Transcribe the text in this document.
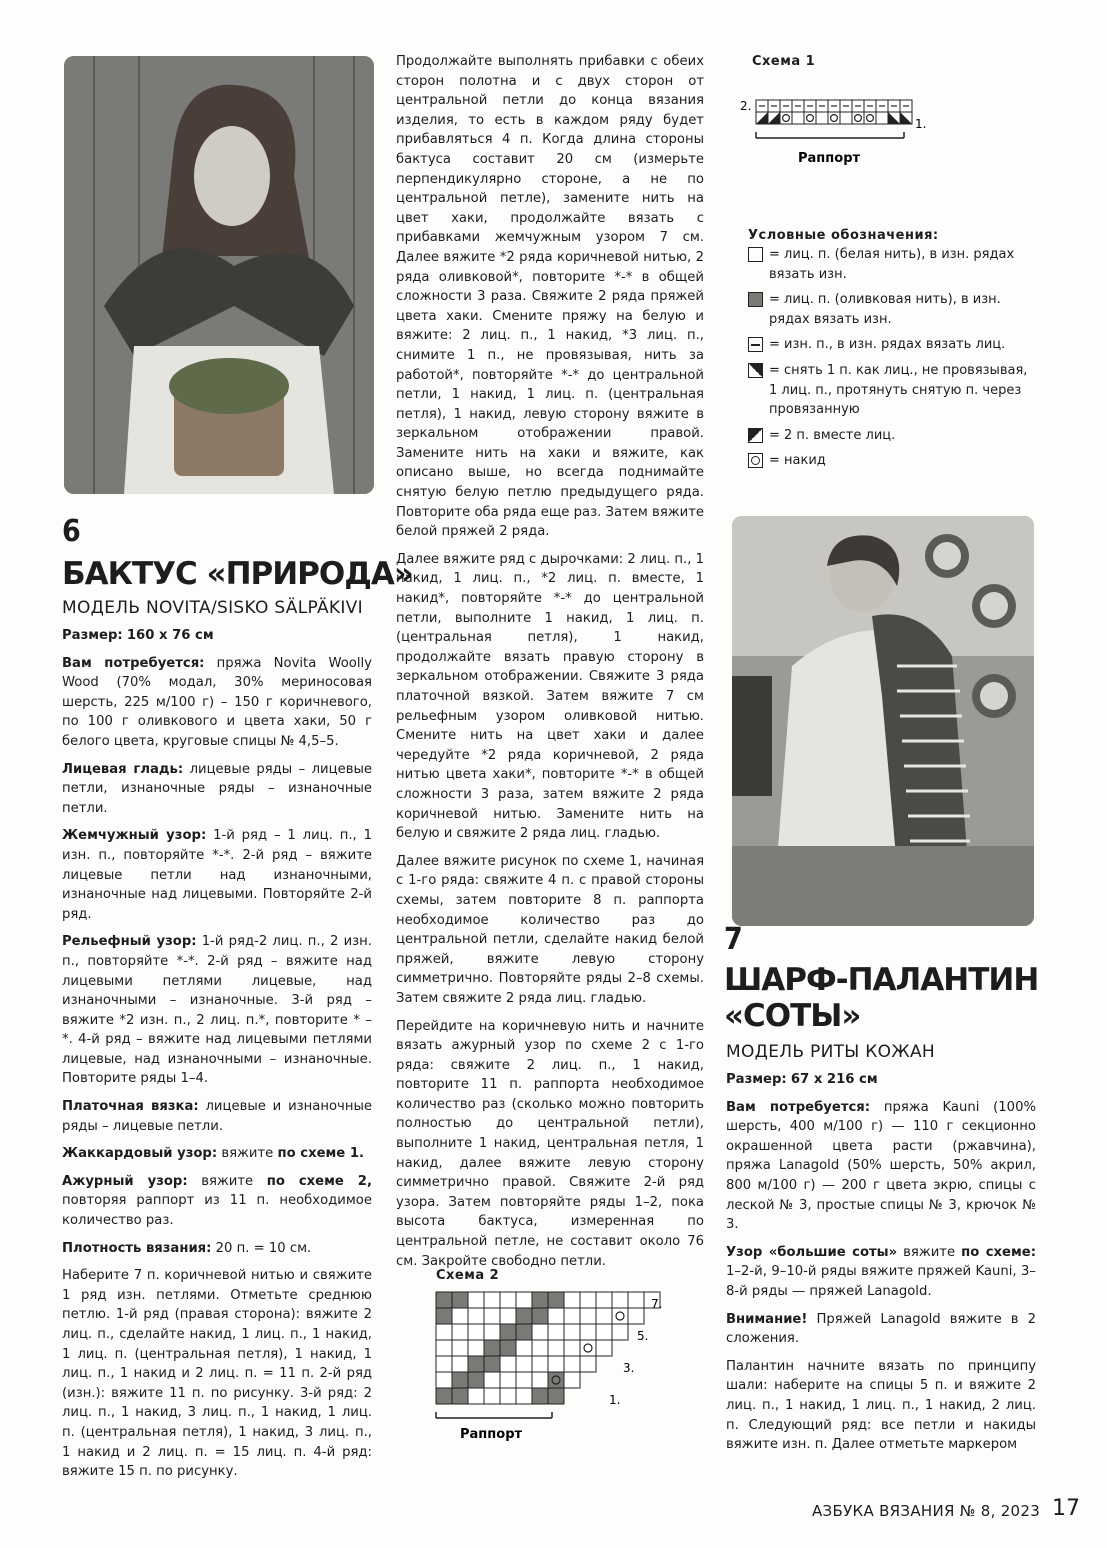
6
БАКТУС «ПРИРОДА»
МОДЕЛЬ NOVITA/SISKO SÄLPÄKIVI

Размер: 160 х 76 см

Вам потребуется: пряжа Novita Woolly Wood (70% модал, 30% мериносовая шерсть, 225 м/100 г) – 150 г коричневого, по 100 г оливкового и цвета хаки, 50 г белого цвета, круговые спицы № 4,5–5.

Лицевая гладь: лицевые ряды – лицевые петли, изнаночные ряды – изнаночные петли.

Жемчужный узор: 1-й ряд – 1 лиц. п., 1 изн. п., повторяйте *-*. 2-й ряд – вяжите лицевые петли над изнаночными, изнаночные над лицевыми. Повторяйте 2-й ряд.

Рельефный узор: 1-й ряд-2 лиц. п., 2 изн. п., повторяйте *-*. 2-й ряд – вяжите над лицевыми петлями лицевые, над изнаночными – изнаночные. 3-й ряд – вяжите *2 изн. п., 2 лиц. п.*, повторите * – *. 4-й ряд – вяжите над лицевыми петлями лицевые, над изнаночными – изнаночные. Повторите ряды 1–4.

Платочная вязка: лицевые и изнаночные ряды – лицевые петли.

Жаккардовый узор: вяжите по схеме 1.

Ажурный узор: вяжите по схеме 2, повторяя раппорт из 11 п. необходимое количество раз.

Плотность вязания: 20 п. = 10 см.

Наберите 7 п. коричневой нитью и свяжите 1 ряд изн. петлями. Отметьте среднюю петлю. 1-й ряд (правая сторона): вяжите 2 лиц. п., сделайте накид, 1 лиц. п., 1 накид, 1 лиц. п. (центральная петля), 1 накид, 1 лиц. п., 1 накид и 2 лиц. п. = 11 п. 2-й ряд (изн.): вяжите 11 п. по рисунку. 3-й ряд: 2 лиц. п., 1 накид, 3 лиц. п., 1 накид, 1 лиц. п. (центральная петля), 1 накид, 3 лиц. п., 1 накид и 2 лиц. п. = 15 лиц. п. 4-й ряд: вяжите 15 п. по рисунку.

Продолжайте выполнять прибавки с обеих сторон полотна и с двух сторон от центральной петли до конца вязания изделия, то есть в каждом ряду будет прибавляться 4 п. Когда длина стороны бактуса составит 20 см (измерьте перпендикулярно стороне, а не по центральной петле), замените нить на цвет хаки, продолжайте вязать с прибавками жемчужным узором 7 см. Далее вяжите *2 ряда коричневой нитью, 2 ряда оливковой*, повторите *-* в общей сложности 3 раза. Свяжите 2 ряда пряжей цвета хаки. Смените пряжу на белую и вяжите: 2 лиц. п., 1 накид, *3 лиц. п., снимите 1 п., не провязывая, нить за работой*, повторяйте *-* до центральной петли, 1 накид, 1 лиц. п. (центральная петля), 1 накид, левую сторону вяжите в зеркальном отображении правой. Замените нить на хаки и вяжите, как описано выше, но всегда поднимайте снятую белую петлю предыдущего ряда. Повторите оба ряда еще раз. Затем вяжите белой пряжей 2 ряда.

Далее вяжите ряд с дырочками: 2 лиц. п., 1 накид, 1 лиц. п., *2 лиц. п. вместе, 1 накид*, повторяйте *-* до центральной петли, выполните 1 накид, 1 лиц. п. (центральная петля), 1 накид, продолжайте вязать правую сторону в зеркальном отображении. Свяжите 3 ряда платочной вязкой. Затем вяжите 7 см рельефным узором оливковой нитью. Смените нить на цвет хаки и далее чередуйте *2 ряда коричневой, 2 ряда нитью цвета хаки*, повторите *-* в общей сложности 3 раза, затем вяжите 2 ряда коричневой нитью. Замените нить на белую и свяжите 2 ряда лиц. гладью.

Далее вяжите рисунок по схеме 1, начиная с 1-го ряда: свяжите 4 п. с правой стороны схемы, затем повторите 8 п. раппорта необходимое количество раз до центральной петли, сделайте накид белой пряжей, вяжите левую сторону симметрично. Повторяйте ряды 2–8 схемы. Затем свяжите 2 ряда лиц. гладью.

Перейдите на коричневую нить и начните вязать ажурный узор по схеме 2 с 1-го ряда: свяжите 2 лиц. п., 1 накид, повторите 11 п. раппорта необходимое количество раз (сколько можно повторить полностью до центральной петли), выполните 1 накид, центральная петля, 1 накид, далее вяжите левую сторону симметрично правой. Свяжите 2-й ряд узора. Затем повторяйте ряды 1–2, пока высота бактуса, измеренная по центральной петле, не составит около 76 см. Закройте свободно петли.

Схема 2
7.
5.
3.
1.
Раппорт
Схема 1
2.
1.
Раппорт
Условные обозначения:
= лиц. п. (белая нить), в изн. рядах вязать изн.
= лиц. п. (оливковая нить), в изн. рядах вязать изн.
= изн. п., в изн. рядах вязать лиц.
= снять 1 п. как лиц., не провязывая, 1 лиц. п., протянуть снятую п. через провязанную
= 2 п. вместе лиц.
= накид
7
ШАРФ-ПАЛАНТИН
«СОТЫ»
МОДЕЛЬ РИТЫ КОЖАН

Размер: 67 х 216 см

Вам потребуется: пряжа Kauni (100% шерсть, 400 м/100 г) — 110 г секционно окрашенной цвета расти (ржавчина), пряжа Lanagold (50% шерсть, 50% акрил, 800 м/100 г) — 200 г цвета экрю, спицы с леской № 3, простые спицы № 3, крючок № 3.

Узор «большие соты» вяжите по схеме: 1–2-й, 9–10-й ряды вяжите пряжей Kauni, 3–8-й ряды — пряжей Lanagold.

Внимание! Пряжей Lanagold вяжите в 2 сложения.

Палантин начните вязать по принципу шали: наберите на спицы 5 п. и вяжите 2 лиц. п., 1 накид, 1 лиц. п., 1 накид, 2 лиц. п. Следующий ряд: все петли и накиды вяжите изн. п. Далее отметьте маркером

АЗБУКА ВЯЗАНИЯ № 8, 2023 17
